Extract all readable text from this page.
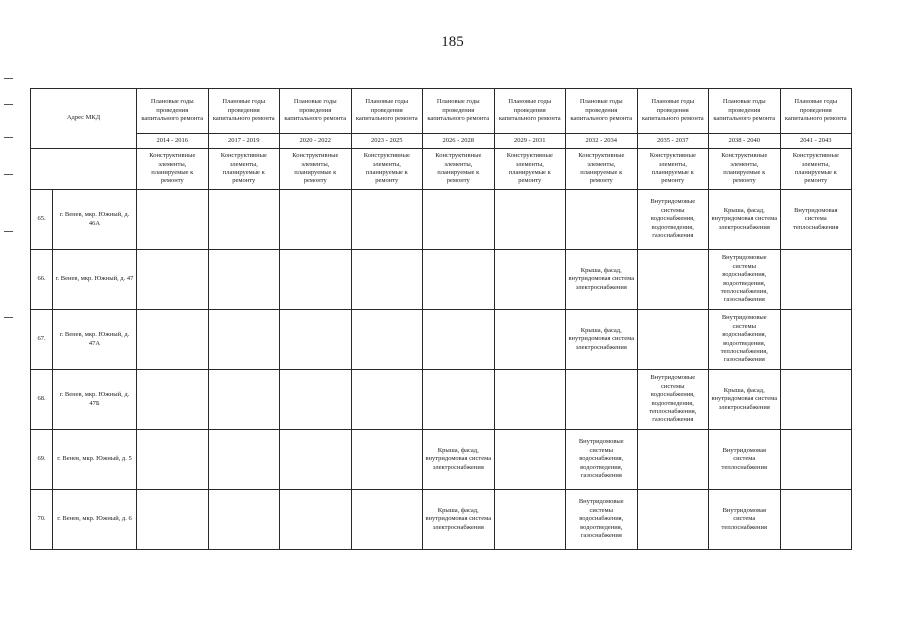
185
Адрес МКД		Плановые годы проведения капитального ремонта	Плановые годы проведения капитального ремонта	Плановые годы проведения капитального ремонта	Плановые годы проведения капитального ремонта	Плановые годы проведения капитального ремонта	Плановые годы проведения капитального ремонта	Плановые годы проведения капитального ремонта	Плановые годы проведения капитального ремонта	Плановые годы проведения капитального ремонта	Плановые годы проведения капитального ремонта
		2014 - 2016	2017 - 2019	2020 - 2022	2023 - 2025	2026 - 2028	2029 - 2031	2032 - 2034	2035 - 2037	2038 - 2040	2041 - 2043
		Конструктивные элементы, планируемые к ремонту	Конструктивные элементы, планируемые к ремонту	Конструктивные элементы, планируемые к ремонту	Конструктивные элементы, планируемые к ремонту	Конструктивные элементы, планируемые к ремонту	Конструктивные элементы, планируемые к ремонту	Конструктивные элементы, планируемые к ремонту	Конструктивные элементы, планируемые к ремонту	Конструктивные элементы, планируемые к ремонту	Конструктивные элементы, планируемые к ремонту
65.	г. Венев, мкр. Южный, д. 46А								Внутридомовые системы водоснабжения, водоотведения, газоснабжения	Крыша, фасад, внутридомовая система электроснабжения	Внутридомовая система теплоснабжения
66.	г. Венев, мкр. Южный, д. 47							Крыша, фасад, внутридомовая система электроснабжения		Внутридомовые системы водоснабжения, водоотведения, теплоснабжения, газоснабжения	
67.	г. Венев, мкр. Южный, д. 47А							Крыша, фасад, внутридомовая система электроснабжения		Внутридомовые системы водоснабжения, водоотведения, теплоснабжения, газоснабжения	
68.	г. Венев, мкр. Южный, д. 47Б								Внутридомовые системы водоснабжения, водоотведения, теплоснабжения, газоснабжения	Крыша, фасад, внутридомовая система электроснабжения	
69.	г. Венев, мкр. Южный, д. 5					Крыша, фасад, внутридомовая система электроснабжения		Внутридомовые системы водоснабжения, водоотведения, газоснабжения		Внутридомовая система теплоснабжения	
70.	г. Венев, мкр. Южный, д. 6					Крыша, фасад, внутридомовая система электроснабжения		Внутридомовые системы водоснабжения, водоотведения, газоснабжения		Внутридомовая система теплоснабжения	
